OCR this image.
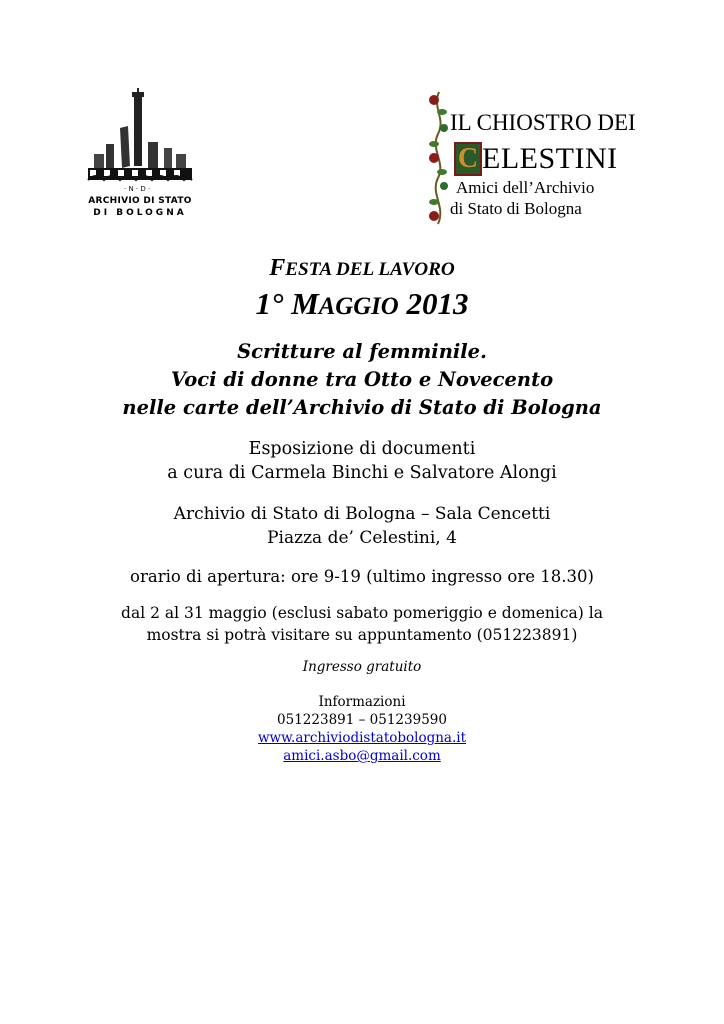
· N · D ·
ARCHIVIO DI STATO
DI BOLOGNA
IL CHIOSTRO DEI
C ELESTINI
Amici dell’Archivio
di Stato di Bologna
FESTA DEL LAVORO
1° MAGGIO 2013
Scritture al femminile.
Voci di donne tra Otto e Novecento
nelle carte dell’Archivio di Stato di Bologna
Esposizione di documenti
a cura di Carmela Binchi e Salvatore Alongi
Archivio di Stato di Bologna – Sala Cencetti
Piazza de’ Celestini, 4
orario di apertura: ore 9-19 (ultimo ingresso ore 18.30)
dal 2 al 31 maggio (esclusi sabato pomeriggio e domenica) la
mostra si potrà visitare su appuntamento (051223891)
Ingresso gratuito
Informazioni
051223891 – 051239590
www.archiviodistatobologna.it
amici.asbo@gmail.com
